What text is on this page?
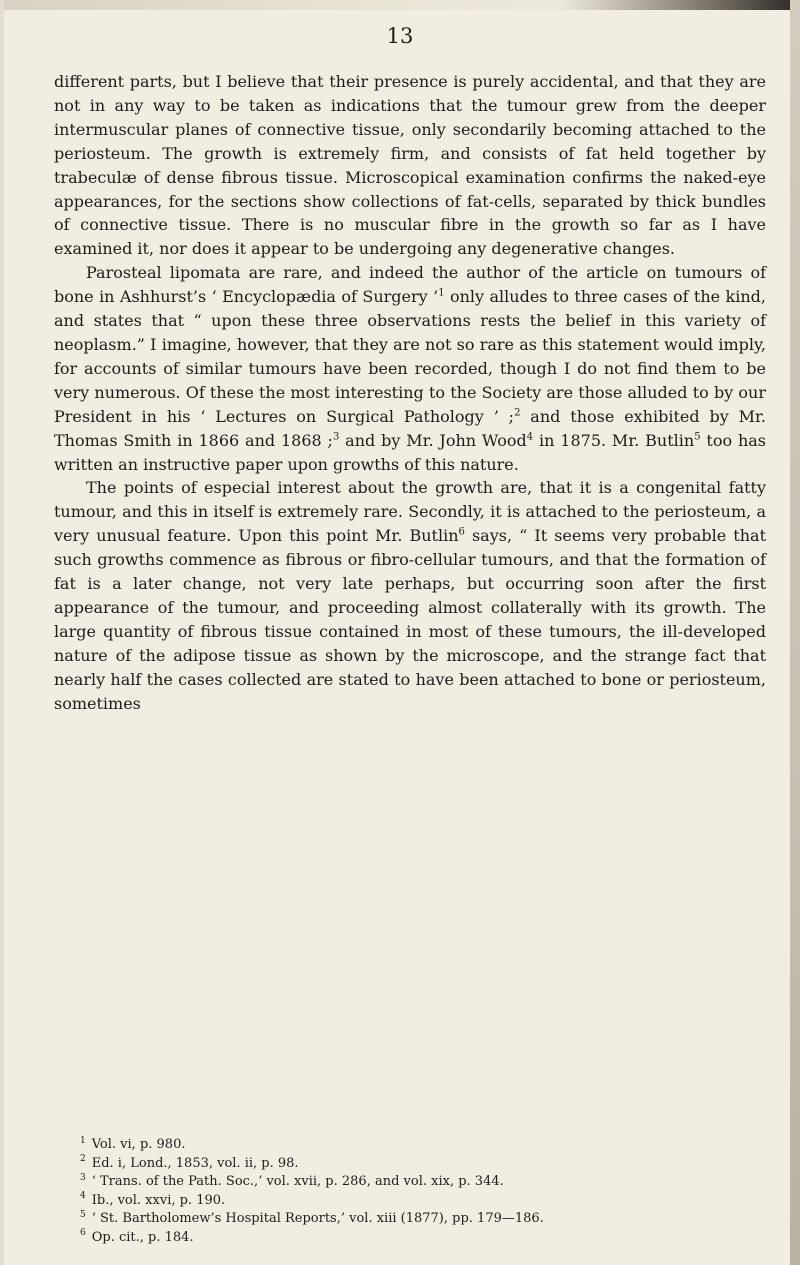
13

different parts, but I believe that their presence is purely accidental, and that they are not in any way to be taken as indications that the tumour grew from the deeper intermuscular planes of connective tissue, only secondarily becoming attached to the periosteum. The growth is extremely firm, and consists of fat held together by trabeculæ of dense fibrous tissue. Microscopical examination confirms the naked-eye appearances, for the sections show collections of fat-cells, separated by thick bundles of connective tissue. There is no muscular fibre in the growth so far as I have examined it, nor does it appear to be undergoing any degenerative changes.

Parosteal lipomata are rare, and indeed the author of the article on tumours of bone in Ashhurst’s ‘ Encyclopædia of Surgery ’$^1$ only alludes to three cases of the kind, and states that “ upon these three observations rests the belief in this variety of neoplasm.” I imagine, however, that they are not so rare as this statement would imply, for accounts of similar tumours have been recorded, though I do not find them to be very numerous. Of these the most interesting to the Society are those alluded to by our President in his ‘ Lectures on Surgical Pathology ’ ;$^2$ and those exhibited by Mr. Thomas Smith in 1866 and 1868 ;$^3$ and by Mr. John Wood$^4$ in 1875. Mr. Butlin$^5$ too has written an instructive paper upon growths of this nature.

The points of especial interest about the growth are, that it is a congenital fatty tumour, and this in itself is extremely rare. Secondly, it is attached to the periosteum, a very unusual feature. Upon this point Mr. Butlin$^6$ says, “ It seems very probable that such growths commence as fibrous or fibro-cellular tumours, and that the formation of fat is a later change, not very late perhaps, but occurring soon after the first appearance of the tumour, and proceeding almost collaterally with its growth. The large quantity of fibrous tissue contained in most of these tumours, the ill-developed nature of the adipose tissue as shown by the microscope, and the strange fact that nearly half the cases collected are stated to have been attached to bone or periosteum, sometimes

$^1$ Vol. vi, p. 980.

$^2$ Ed. i, Lond., 1853, vol. ii, p. 98.

$^3$ ‘ Trans. of the Path. Soc.,’ vol. xvii, p. 286, and vol. xix, p. 344.

$^4$ Ib., vol. xxvi, p. 190.

$^5$ ‘ St. Bartholomew’s Hospital Reports,’ vol. xiii (1877), pp. 179—186.

$^6$ Op. cit., p. 184.
